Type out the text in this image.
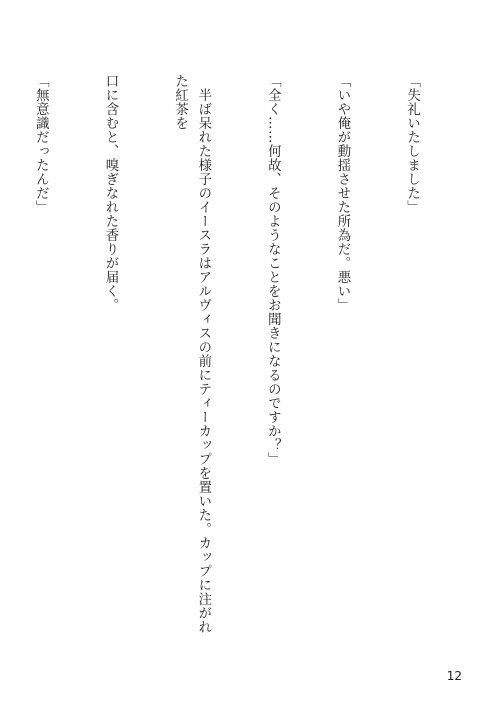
「失礼いたしました」

「いや俺が動揺させた所為だ。悪い」

「全く……何故、そのようなことをお聞きになるのですか？」

　半ば呆れた様子のイースラはアルヴィスの前にティーカップを置いた。カップに注がれた紅茶を

口に含むと、嗅ぎなれた香りが届く。

「無意識だったんだ」

12
